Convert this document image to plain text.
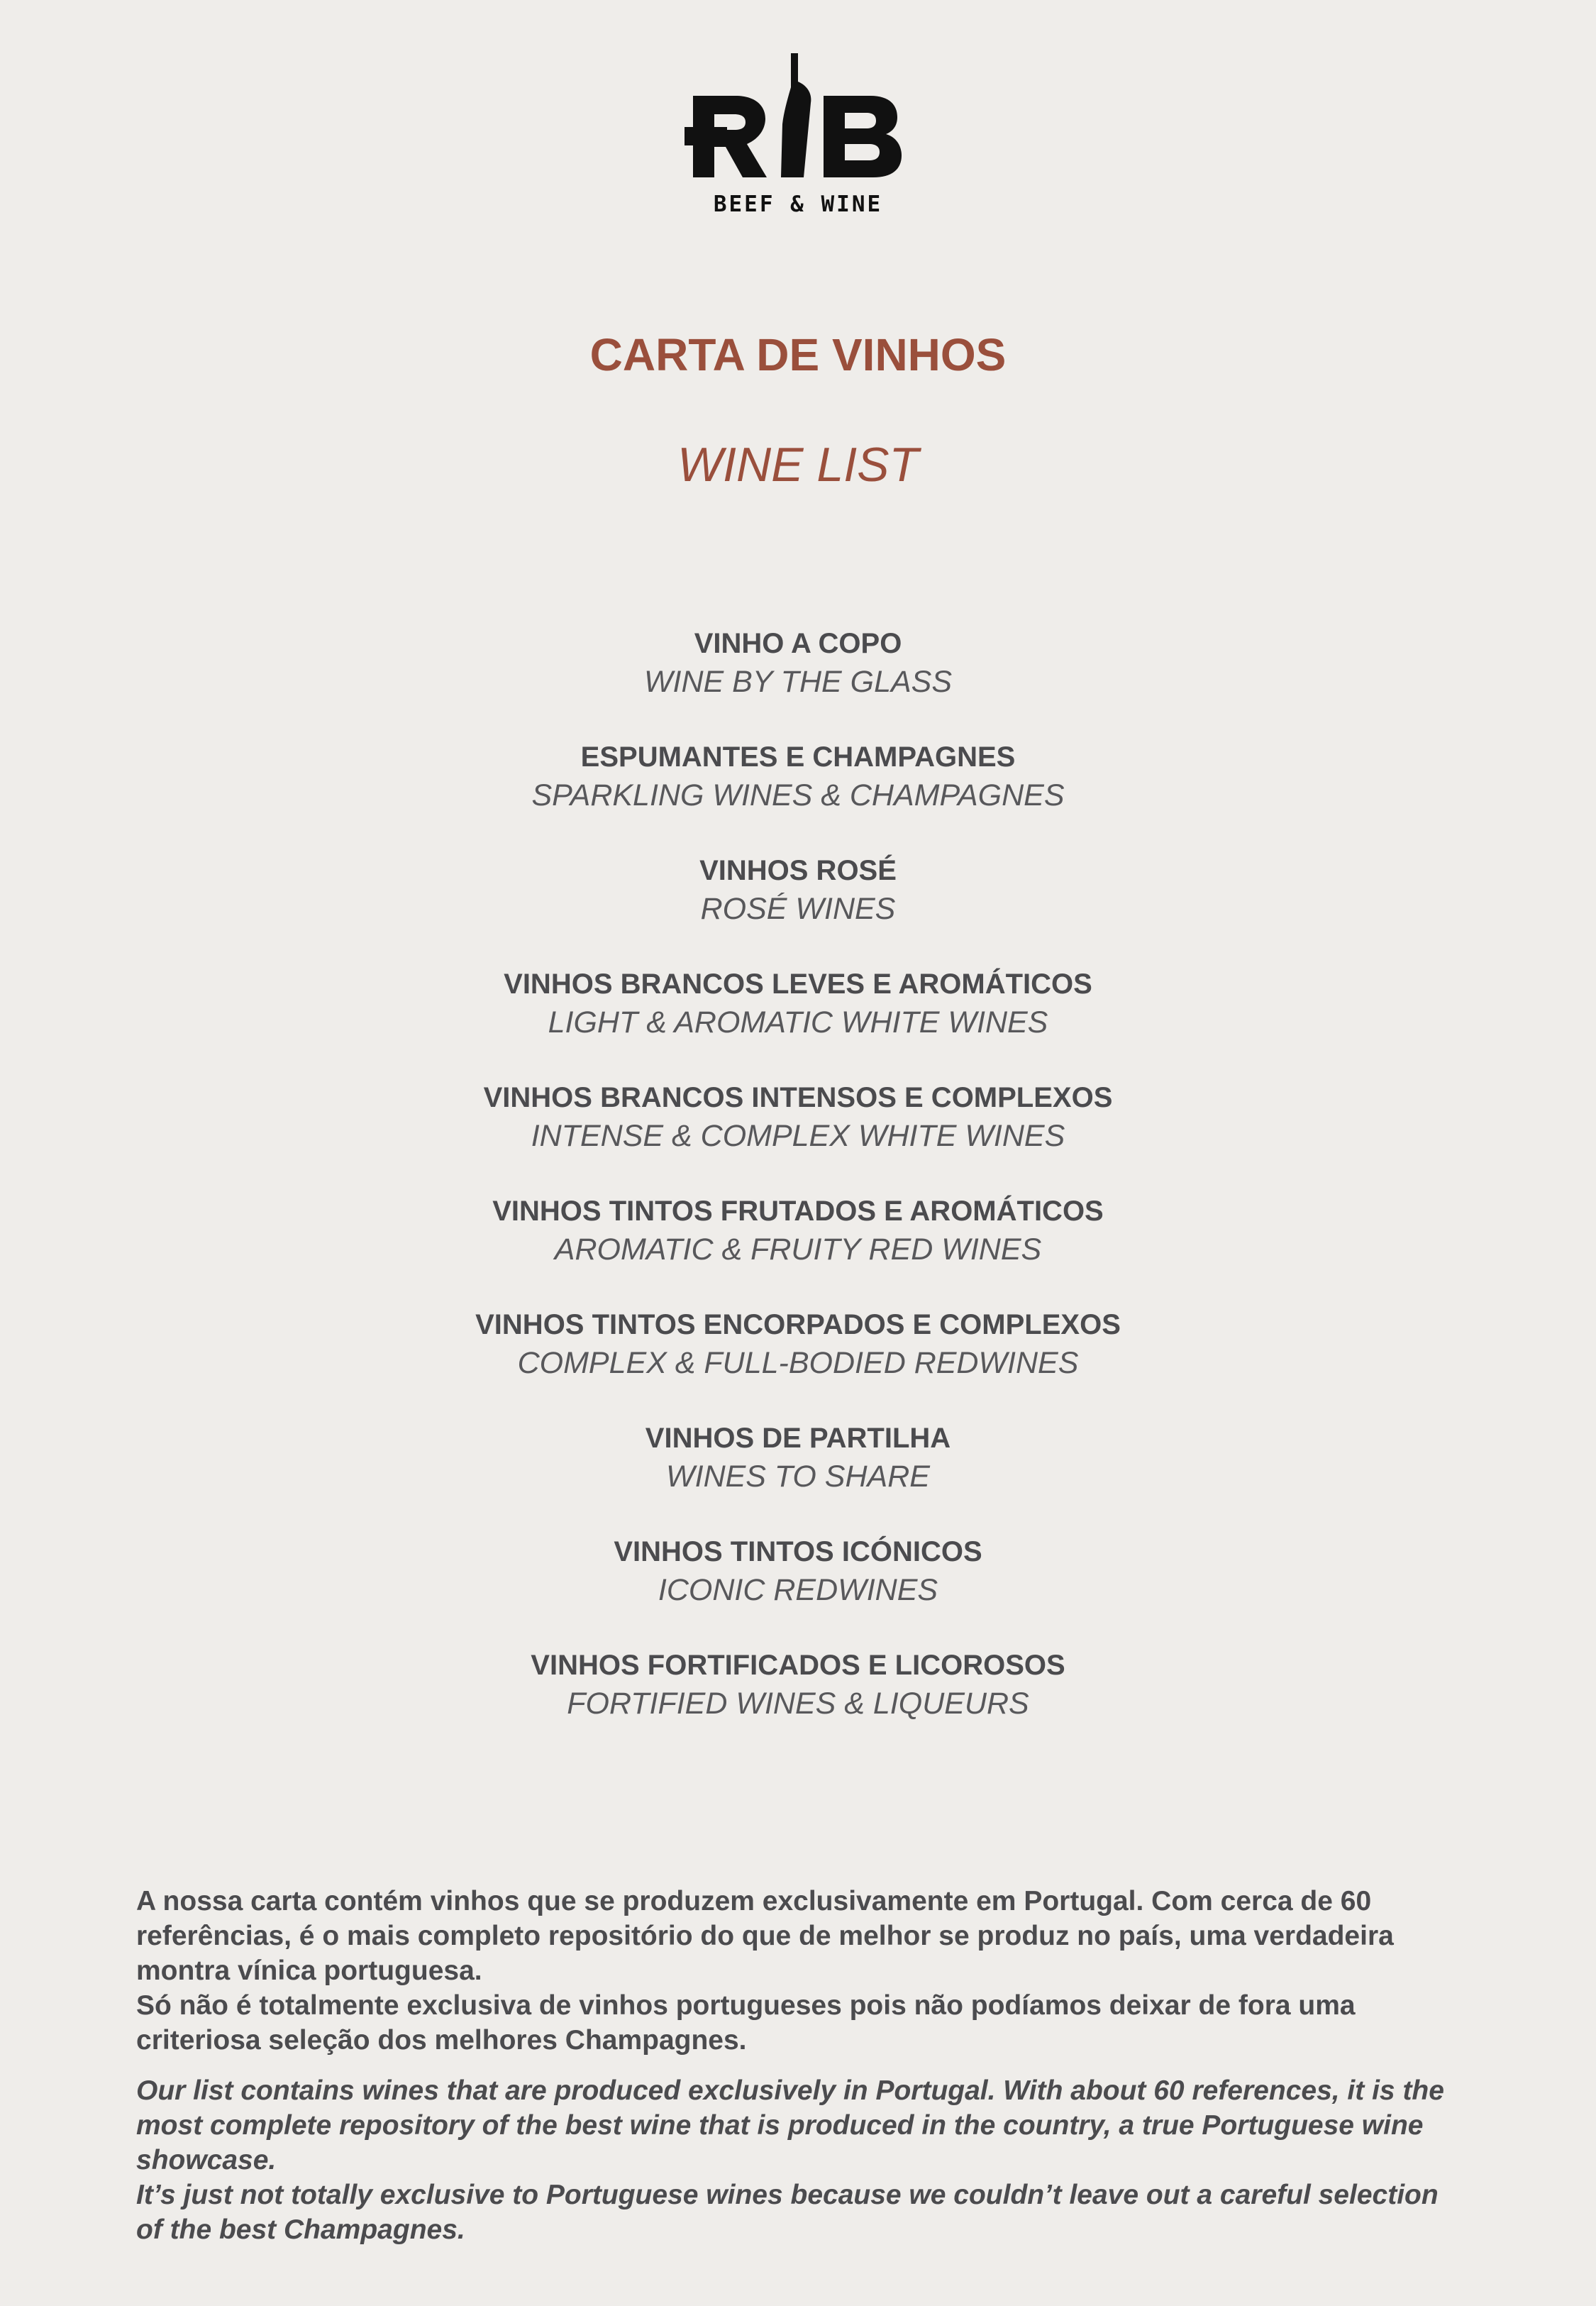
BEEF & WINE
CARTA DE VINHOS
WINE LIST
VINHO A COPO
WINE BY THE GLASS
ESPUMANTES E CHAMPAGNES
SPARKLING WINES & CHAMPAGNES
VINHOS ROSÉ
ROSÉ WINES
VINHOS BRANCOS LEVES E AROMÁTICOS
LIGHT & AROMATIC WHITE WINES
VINHOS BRANCOS INTENSOS E COMPLEXOS
INTENSE & COMPLEX WHITE WINES
VINHOS TINTOS FRUTADOS E AROMÁTICOS
AROMATIC & FRUITY RED WINES
VINHOS TINTOS ENCORPADOS E COMPLEXOS
COMPLEX & FULL-BODIED REDWINES
VINHOS DE PARTILHA
WINES TO SHARE
VINHOS TINTOS ICÓNICOS
ICONIC REDWINES
VINHOS FORTIFICADOS E LICOROSOS
FORTIFIED WINES & LIQUEURS

A nossa carta contém vinhos que se produzem exclusivamente em Portugal. Com cerca de 60 referências, é o mais completo repositório do que de melhor se produz no país, uma verdadeira montra vínica portuguesa.
Só não é totalmente exclusiva de vinhos portugueses pois não podíamos deixar de fora uma criteriosa seleção dos melhores Champagnes.

Our list contains wines that are produced exclusively in Portugal. With about 60 references, it is the most complete repository of the best wine that is produced in the country, a true Portuguese wine showcase.
It’s just not totally exclusive to Portuguese wines because we couldn’t leave out a careful selection of the best Champagnes.
